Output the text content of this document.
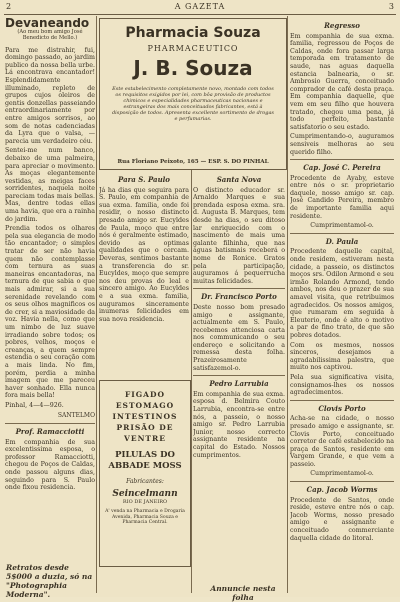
2	A GAZETA	3
Devaneando
(Ao meu bom amigo José Benedicto de Mello.)

Para me distrahir, fui, domingo passado, ao jardim publico da nossa bella urbe. Lá encontrava encantador! Esplendidamente illuminado, repleto de grupos cujos oleiros de gentis donzellas passeiando entraordinariamente por entre amigos sorrisos, ao som de notas cadenciadas da Lyra que o valsa, — parecia um verdadeiro céu.

Sentei-me num banco, debaixo de uma palmeira, para apreciar o movimento. As moças elegantemente vestidas, as meigas faces sorridentes, naquela noite pareciam todas mais bellas. Mas, dentre todas ellas uma havia, que era a rainha do jardim.

Prendia todos os olhares pela sua elegancia de modo tão encantador; o simples tratar de ser não havia quem não contemplasse com ternura as suas maneiras encantadoras, na ternura de que sabia o que mais admirar, si a sua serenidade revelando com os seus olhos magnificos os de crer, si a maviosidade da voz. Havia nella, como que um nimbo de luz suave irradiando sobre todos; os pobres, velhos, moços e creanças, a quem sempre estendia o seu coração com a mais linda. No fim, porém, perdia a minha imagem que me pareceu haver sonhado. Ella nunca fora mais bella!

Pinhal, 4—4—926.

SANTELMO
Prof. Ramacciotti

Em companhia de sua excelentissima esposa, o professor Ramacciotti, chegou de Poços de Caldas, onde passou alguns dias, seguindo para S. Paulo onde fixou residencia.

Retratos desde 5$000 a duzia, só na "Photographia Moderna".
Pharmacia Souza
PHARMACEUTICO
J. B. Souza
Este estabelecimento completamente novo, montado com todos os requisitos exigidos por lei, com bôa provisão de productos chimicos e especialidades pharmaceuticas nacionaes e estrangeiras dos mais conceituados fabricantes, está à disposição de todos. Apresenta excellente sortimento de drogas e perfumarias.
Rua Floriano Peixoto, 165 — ESP. S. DO PINHAL
Para S. Paulo

Já ha dias que seguira para S. Paulo, em companhia de sua exma. familia, onde foi residir, o nosso distincto presado amigo sr. Eucyldes de Paula, moço que entre nós é geralmente estimado, devido as optimas qualidades que o cercam. Deveras, sentimos bastante a transferencia do sr. Eucyldes, moço que sempre nos deu provas do leal e sincero amigo. Ao Eucyldes e a sua exma. familia, auguramos sinceramente inumeras felicidades em sua nova residencia.

Santa Nova

O distincto educador sr. Arnaldo Marques e sua prendada esposa exma. sra. d. Augusta B. Marques, tem desde ha dias, o seu ditoso lar enriquecido com o nascimento de mais uma galante filhinha, que nas águas batismais receberá o nome de Ronice. Gratos pela participação, auguramos á pequerrucha muitas felicidades.

Dr. Francisco Porto

Deste nosso bom presado amigo e assignante, actualmente em S. Paulo, recebemos attenciosa carta nos communicando o seu endereço e solicitando a remessa desta folha. Prazeirosamente satisfazemol-o.

Pedro Larrubia

Em companhia de sua exma. esposa d. Belmira Couto Larrubia, encontra-se entre nós, a passeio, o nosso amigo sr. Pedro Larrubia Junior, nosso correcto assignante residente na capital do Estado. Nossos cumprimentos.

Annuncie nesta folha
FIGADO
ESTOMAGO
INTESTINOS
PRISÃO DE
VENTRE
PILULAS DO ABBADE MOSS
Fabricantes:
Seincelmann
RIO DE JANEIRO
A' venda na Pharmacia e Drogaria Avenida, Pharmacia Souza e Pharmacia Central.
Regresso

Em companhia de sua exma. familia, regressou de Poços de Caldas, onde fora passar larga temporada em tratamento de saude, nas aguas daquella estancia balnearia, o sr. Ambrosio Guerra, conceituado comprador de café desta praça. Em companhia daquelle, que vem em seu filho que houvera tratado, chegou uma pena, já todo perfeito, bastante satisfatorio o seu estado.

Cumprimentando-o, auguramos sensiveis melhoras ao seu querido filho.

Cap. José C. Pereira

Procedente de Ayaby, esteve entre nós o sr. proprietario daquele, nosso amigo sr. cap. José Candido Pereira, membro de importante familia aqui residente.

Cumprimentamol-o.

D. Paula

Procedente daquelle capital, onde residem, estiveram nesta cidade, a passeio, os distinctos moços srs. Odilon Armond e seu irmão Rolando Armond, tendo ambos, nos deu o prazer de sua amavel visita, que retribuimos agradecidos. Os nossos amigos, que rumaram em seguida à Eleuterio, onde é alto o motivo a par de fino trato, de que são pobres dotados.

Com os mesmos, nossos sinceros, desejamos a agradabilissima palestra, que muito nos captivou.

Pela sua significativa visita, consignamos-lhes os nossos agradecimentos.

Clovis Porto

Acha-se na cidade, o nosso presado amigo e assignante, sr. Clovis Porto, conceituado corretor de café estabelecido na praça de Santos, residente em Vargem Grande, e que vem a passeio.

Cumprimentamol-o.

Cap. Jacob Worms

Procedente de Santos, onde reside, esteve entre nós o cap. Jacob Worms, nosso presado amigo e assignante e conceituado commerciante daquella cidade do litoral.
